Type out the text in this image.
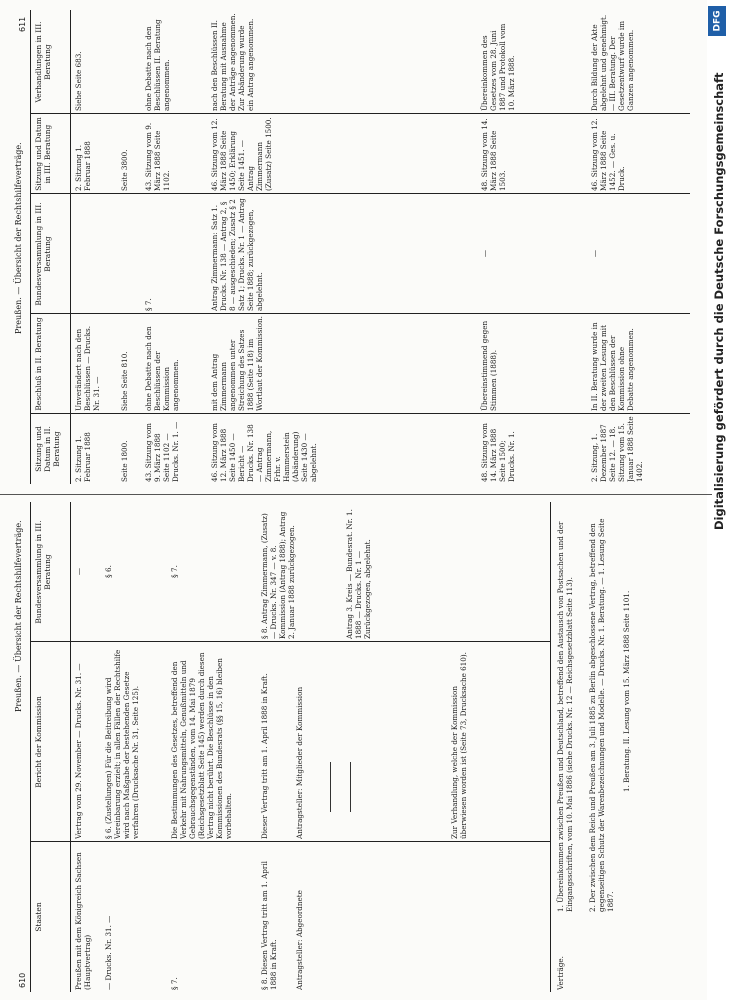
DFG
Digitalisierung gefördert durch die Deutsche Forschungsgemeinschaft
611
Preußen. — Übersicht der Rechtshilfeverträge.
Sitzung und Datum in II. Beratung
Beschluß in II. Beratung
Bundesversammlung in III. Beratung
Sitzung und Datum in III. Beratung
Verhandlungen in III. Beratung
2. Sitzung 1. Februar 1888
Unverändert nach den Beschlüssen — Drucks. Nr. 31. —
2. Sitzung 1. Februar 1888
Siehe Seite 683.
Seite 1800.
Siehe Seite 810.
Seite 3800.
43. Sitzung vom 9. März 1888 Seite 1102 — Drucks. Nr. 1. —
ohne Debatte nach den Beschlüssen der Kommission angenommen.
§ 7.
43. Sitzung vom 9. März 1888 Seite 1102.
ohne Debatte nach den Beschlüssen II. Beratung angenommen.
46. Sitzung vom 12. März 1888 Seite 1450 — Bericht — Drucks. Nr. 138 — Antrag Zimmermann, Frhr. v. Hammerstein (Abänderung) Seite 1430 — abgelehnt.
mit dem Antrag Zimmermann angenommen unter Streichung des Satzes 1888 (Seite 118) im Wortlaut der Kommission.
Antrag Zimmermann: Satz 1. Drucks. Nr. 138 — Antrag 2, § 8 — ausgeschieden; Zusatz § 2 Satz 1; Drucks. Nr. 1 — Antrag Seite 1888; zurückgezogen, abgelehnt.
46. Sitzung vom 12. März 1888 Seite 1450; Erklärung Seite 1451. — Antrag Zimmermann (Zusatz) Seite 1500.
nach den Beschlüssen II. Beratung mit Ausnahme der Anträge angenommen. Zur Abänderung wurde ein Antrag angenommen.
48. Sitzung vom 14. März 1888 Seite 1500; Drucks. Nr. 1.
Übereinstimmend gegen Stimmen (1888).
—
48. Sitzung vom 14. März 1888 Seite 1503.
Übereinkommen des Gesetzes vom 28. Juni 1887 und Protokoll vom 10. März 1888.
2. Sitzung, 1. Dezember 1887 Seite 12. — 18. Sitzung vom 15. Januar 1888 Seite 1402.
In II. Beratung wurde in der zweiten Lesung mit den Beschlüssen der Kommission ohne Debatte angenommen.
—
46. Sitzung vom 12. März 1888 Seite 1452. — Ges. u. Druck.
Durch Bildung der Akte abgelehnt und genehmigt. — III. Beratung. Der Gesetzentwurf wurde im Ganzen angenommen.
610
Preußen. — Übersicht der Rechtshilfeverträge.
Staaten
Bericht der Kommission
Bundesversammlung in III. Beratung
Preußen mit dem Königreich Sachsen (Hauptvertrag)
Vertrag vom 29. November — Drucks. Nr. 31. —
—
— Drucks. Nr. 31. —
§ 6. (Zustellungen) Für die Beitreibung wird Vereinbarung erzielt; in allen Fällen der Rechtshilfe wird nach Maßgabe der bestehenden Gesetze verfahren (Drucksache Nr. 31, Seite 125).
§ 6.
§ 7.
Die Bestimmungen des Gesetzes, betreffend den Verkehr mit Nahrungsmitteln, Genußmitteln und Gebrauchsgegenständen, vom 14. Mai 1879 (Reichsgesetzblatt Seite 145) werden durch diesen Vertrag nicht berührt. Die Beschlüsse in den Kommissionen des Bundesrats (§§ 15, 16) bleiben vorbehalten.
§ 7.
§ 8. Diesen Vertrag tritt am 1. April 1888 in Kraft.
Dieser Vertrag tritt am 1. April 1888 in Kraft.
§ 8. Antrag Zimmermann, (Zusatz) — Drucks. Nr. 347 — v. 8. Kommission (Antrag 1888); Antrag 2. Januar 1888 zurückgezogen.
Antragsteller: Abgeordnete
Antragsteller: Mitglieder der Kommission
Antrag 3. Kreis — Bundesrat. Nr. 1. 1888 — Drucks. Nr. 1 — Zurückgezogen, abgelehnt.
Zur Verhandlung, welche der Kommission überwiesen worden ist (Seite 73, Drucksache 610).
Verträge.
1. Übereinkommen zwischen Preußen und Deutschland, betreffend den Austausch von Postsachen und der Eingangsschriften, vom 10. Mai 1886 (siehe Drucks. Nr. 12 — Reichsgesetzblatt Seite 113).	2. Der zwischen dem Reich und Preußen am 3. Juli 1885 zu Berlin abgeschlossene Vertrag, betreffend den gegenseitigen Schutz der Warenbezeichnungen und Modelle. — Drucks. Nr. 1. Beratung. — 1. Lesung Seite 1887.
1. Beratung. II. Lesung vom 15. März 1888 Seite 1101.
